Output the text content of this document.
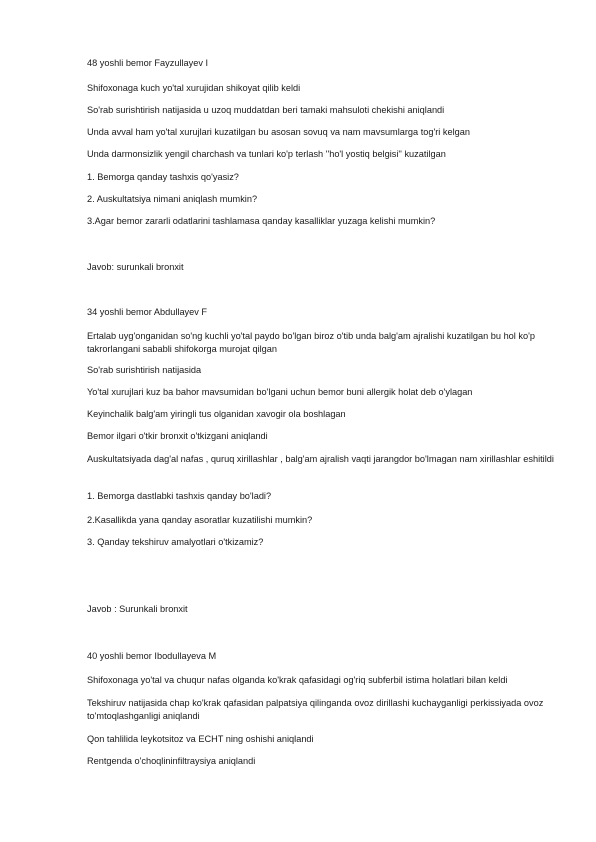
48 yoshli bemor Fayzullayev I
Shifoxonaga kuch yo'tal xurujidan shikoyat qilib keldi
So'rab surishtirish natijasida u uzoq muddatdan beri tamaki mahsuloti chekishi aniqlandi
Unda avval ham yo'tal xurujlari kuzatilgan bu asosan sovuq va nam mavsumlarga tog'ri kelgan
Unda darmonsizlik yengil charchash va tunlari ko'p terlash ''ho'l yostiq belgisi'' kuzatilgan
1. Bemorga qanday tashxis qo'yasiz?
2. Auskultatsiya nimani aniqlash mumkin?
3.Agar bemor zararli odatlarini tashlamasa qanday kasalliklar yuzaga kelishi mumkin?
Javob: surunkali bronxit
34 yoshli bemor Abdullayev F
Ertalab uyg'onganidan so'ng kuchli yo'tal paydo bo'lgan biroz o'tib unda balg'am ajralishi kuzatilgan bu hol ko'p takrorlangani sababli shifokorga murojat qilgan
So'rab surishtirish natijasida
Yo'tal xurujlari kuz ba bahor mavsumidan bo'lgani uchun bemor buni allergik holat deb o'ylagan
Keyinchalik balg'am yiringli tus olganidan xavogir ola boshlagan
Bemor ilgari o'tkir bronxit o'tkizgani aniqlandi
Auskultatsiyada dag'al nafas , quruq xirillashlar , balg'am ajralish vaqti jarangdor bo'lmagan nam xirillashlar eshitildi
1. Bemorga dastlabki tashxis qanday bo'ladi?
2.Kasallikda yana qanday asoratlar kuzatilishi mumkin?
3. Qanday tekshiruv amalyotlari o'tkizamiz?
Javob : Surunkali bronxit
40 yoshli bemor Ibodullayeva M
Shifoxonaga yo'tal va chuqur nafas olganda ko'krak qafasidagi og'riq subferbil istima holatlari bilan keldi
Tekshiruv natijasida chap ko'krak qafasidan palpatsiya qilinganda ovoz dirillashi kuchayganligi perkissiyada ovoz to'mtoqlashganligi aniqlandi
Qon tahlilida leykotsitoz va ECHT ning oshishi aniqlandi
Rentgenda o'choqlininfiltraysiya aniqlandi
